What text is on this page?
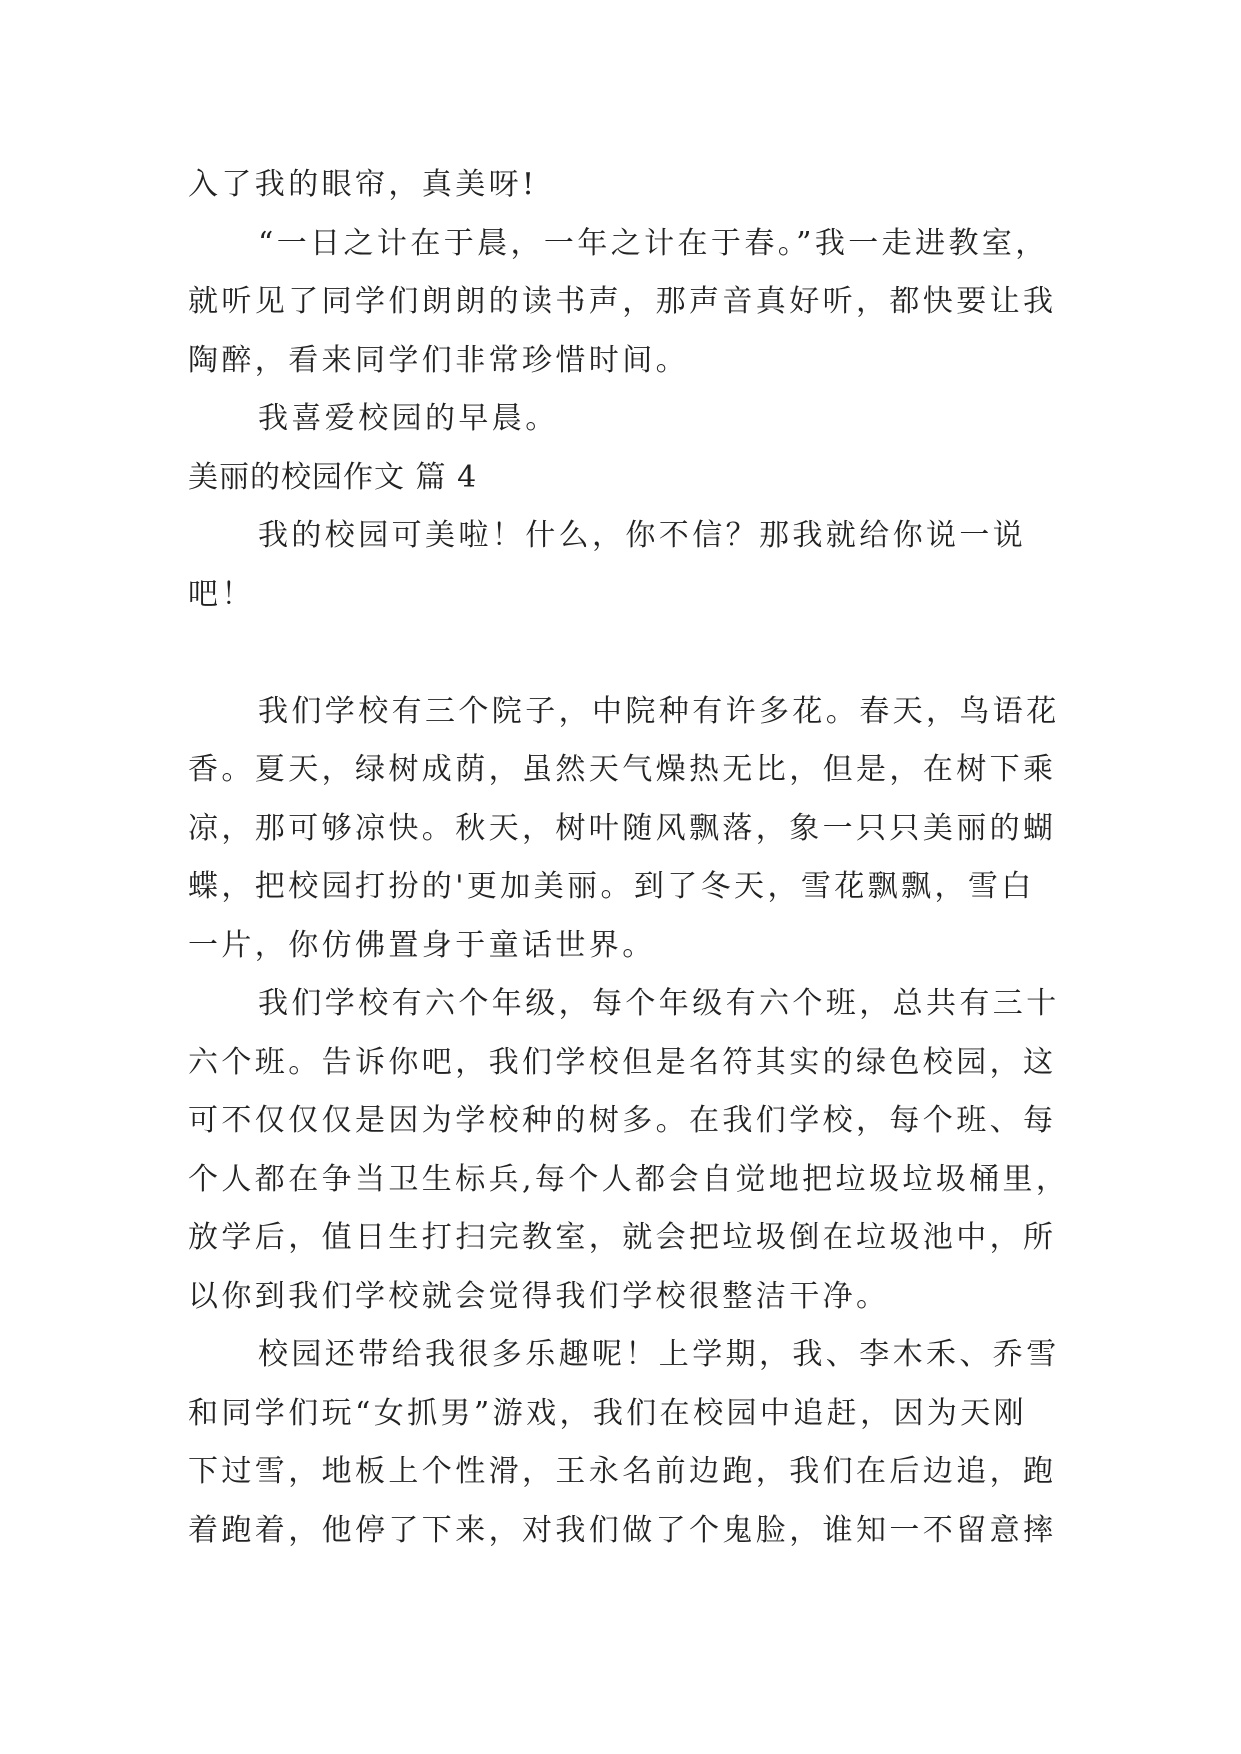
入了我的眼帘，真美呀!
“一日之计在于晨，一年之计在于春。”我一走进教室，
就听见了同学们朗朗的读书声，那声音真好听，都快要让我
陶醉，看来同学们非常珍惜时间。
我喜爱校园的早晨。
美丽的校园作文 篇 4
我的校园可美啦！什么，你不信？那我就给你说一说
吧！
我们学校有三个院子，中院种有许多花。春天，鸟语花
香。夏天，绿树成荫，虽然天气燥热无比，但是，在树下乘
凉，那可够凉快。秋天，树叶随风飘落，象一只只美丽的蝴
蝶，把校园打扮的'更加美丽。到了冬天，雪花飘飘，雪白
一片，你仿佛置身于童话世界。
我们学校有六个年级，每个年级有六个班，总共有三十
六个班。告诉你吧，我们学校但是名符其实的绿色校园，这
可不仅仅仅是因为学校种的树多。在我们学校，每个班、每
个人都在争当卫生标兵,每个人都会自觉地把垃圾垃圾桶里，
放学后，值日生打扫完教室，就会把垃圾倒在垃圾池中，所
以你到我们学校就会觉得我们学校很整洁干净。
校园还带给我很多乐趣呢！上学期，我、李木禾、乔雪
和同学们玩“女抓男”游戏，我们在校园中追赶，因为天刚
下过雪，地板上个性滑，王永名前边跑，我们在后边追，跑
着跑着，他停了下来，对我们做了个鬼脸，谁知一不留意摔
